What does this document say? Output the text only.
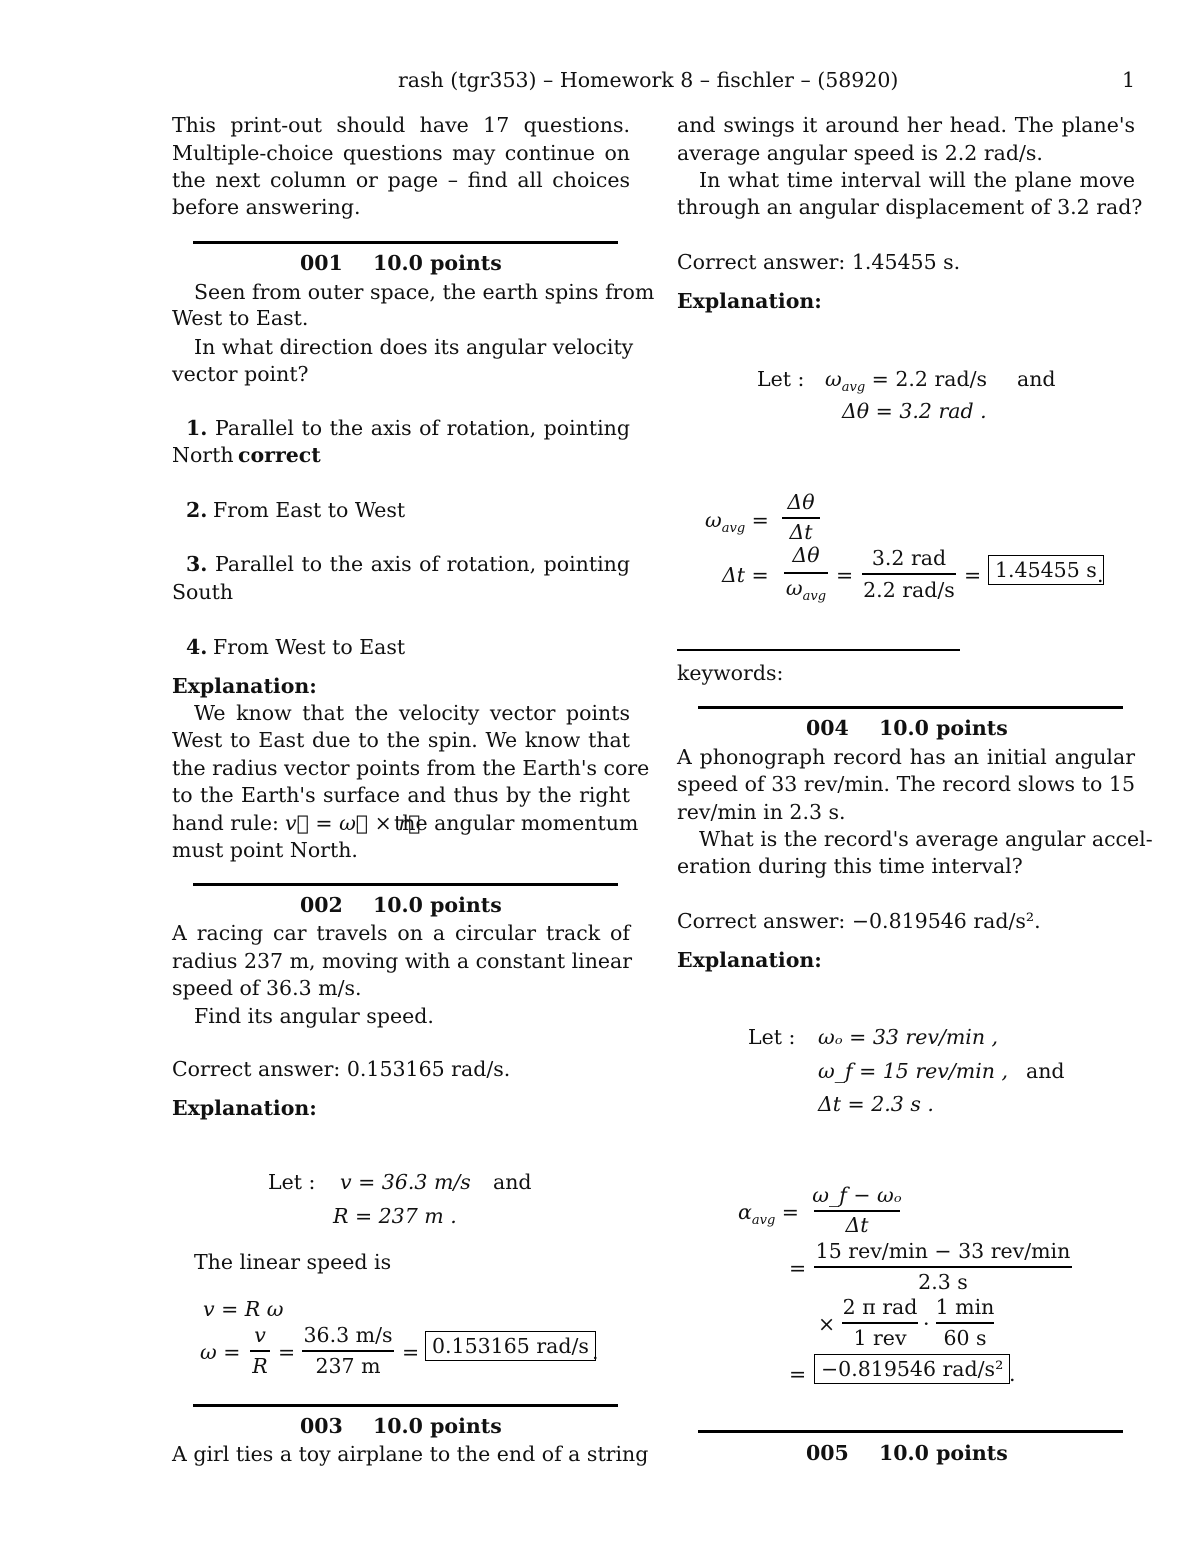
rash (tgr353) – Homework 8 – fischler – (58920)	1
This print-out should have 17 questions.
Multiple-choice questions may continue on
the next column or page – find all choices
before answering.
001 10.0 points
Seen from outer space, the earth spins from
West to East.
In what direction does its angular velocity
vector point?
1. Parallel to the axis of rotation, pointing
North correct
2. From East to West
3. Parallel to the axis of rotation, pointing
South
4. From West to East
Explanation:
We know that the velocity vector points
West to East due to the spin. We know that
the radius vector points from the Earth's core
to the Earth's surface and thus by the right
hand rule: v⃗ = ω⃗ × r⃗
the angular momentum
must point North.
002 10.0 points
A racing car travels on a circular track of
radius 237 m, moving with a constant linear
speed of 36.3 m/s.
Find its angular speed.
Correct answer: 0.153165 rad/s.
Explanation:
Let : v = 36.3 m/s and
R = 237 m .
The linear speed is
v = R ω
ω =
v
R
=
36.3 m/s
237 m
= 0.153165 rad/s .
003 10.0 points
A girl ties a toy airplane to the end of a string
and swings it around her head. The plane's
average angular speed is 2.2 rad/s.
In what time interval will the plane move
through an angular displacement of 3.2 rad?
Correct answer: 1.45455 s.
Explanation:
Let : $\omega_{avg} = 2.2$ rad/s and
Δθ = 3.2 rad .
$\omega_{avg}$ =
Δθ
Δt
Δt =
Δθ
$\omega_{avg}$
=
3.2 rad
2.2 rad/s
= 1.45455 s .
keywords:
004 10.0 points
A phonograph record has an initial angular
speed of 33 rev/min. The record slows to 15
rev/min in 2.3 s.
What is the record's average angular accel-
eration during this time interval?
Correct answer: −0.819546 rad/s².
Explanation:
Let : ωₒ = 33 rev/min ,
ω_f = 15 rev/min , and
Δt = 2.3 s .
$\alpha_{avg}$ =
ω_f − ωₒ
Δt
=
15 rev/min − 33 rev/min
2.3 s
×
2 π rad
1 rev
·
1 min
60 s
= −0.819546 rad/s² .
005 10.0 points
